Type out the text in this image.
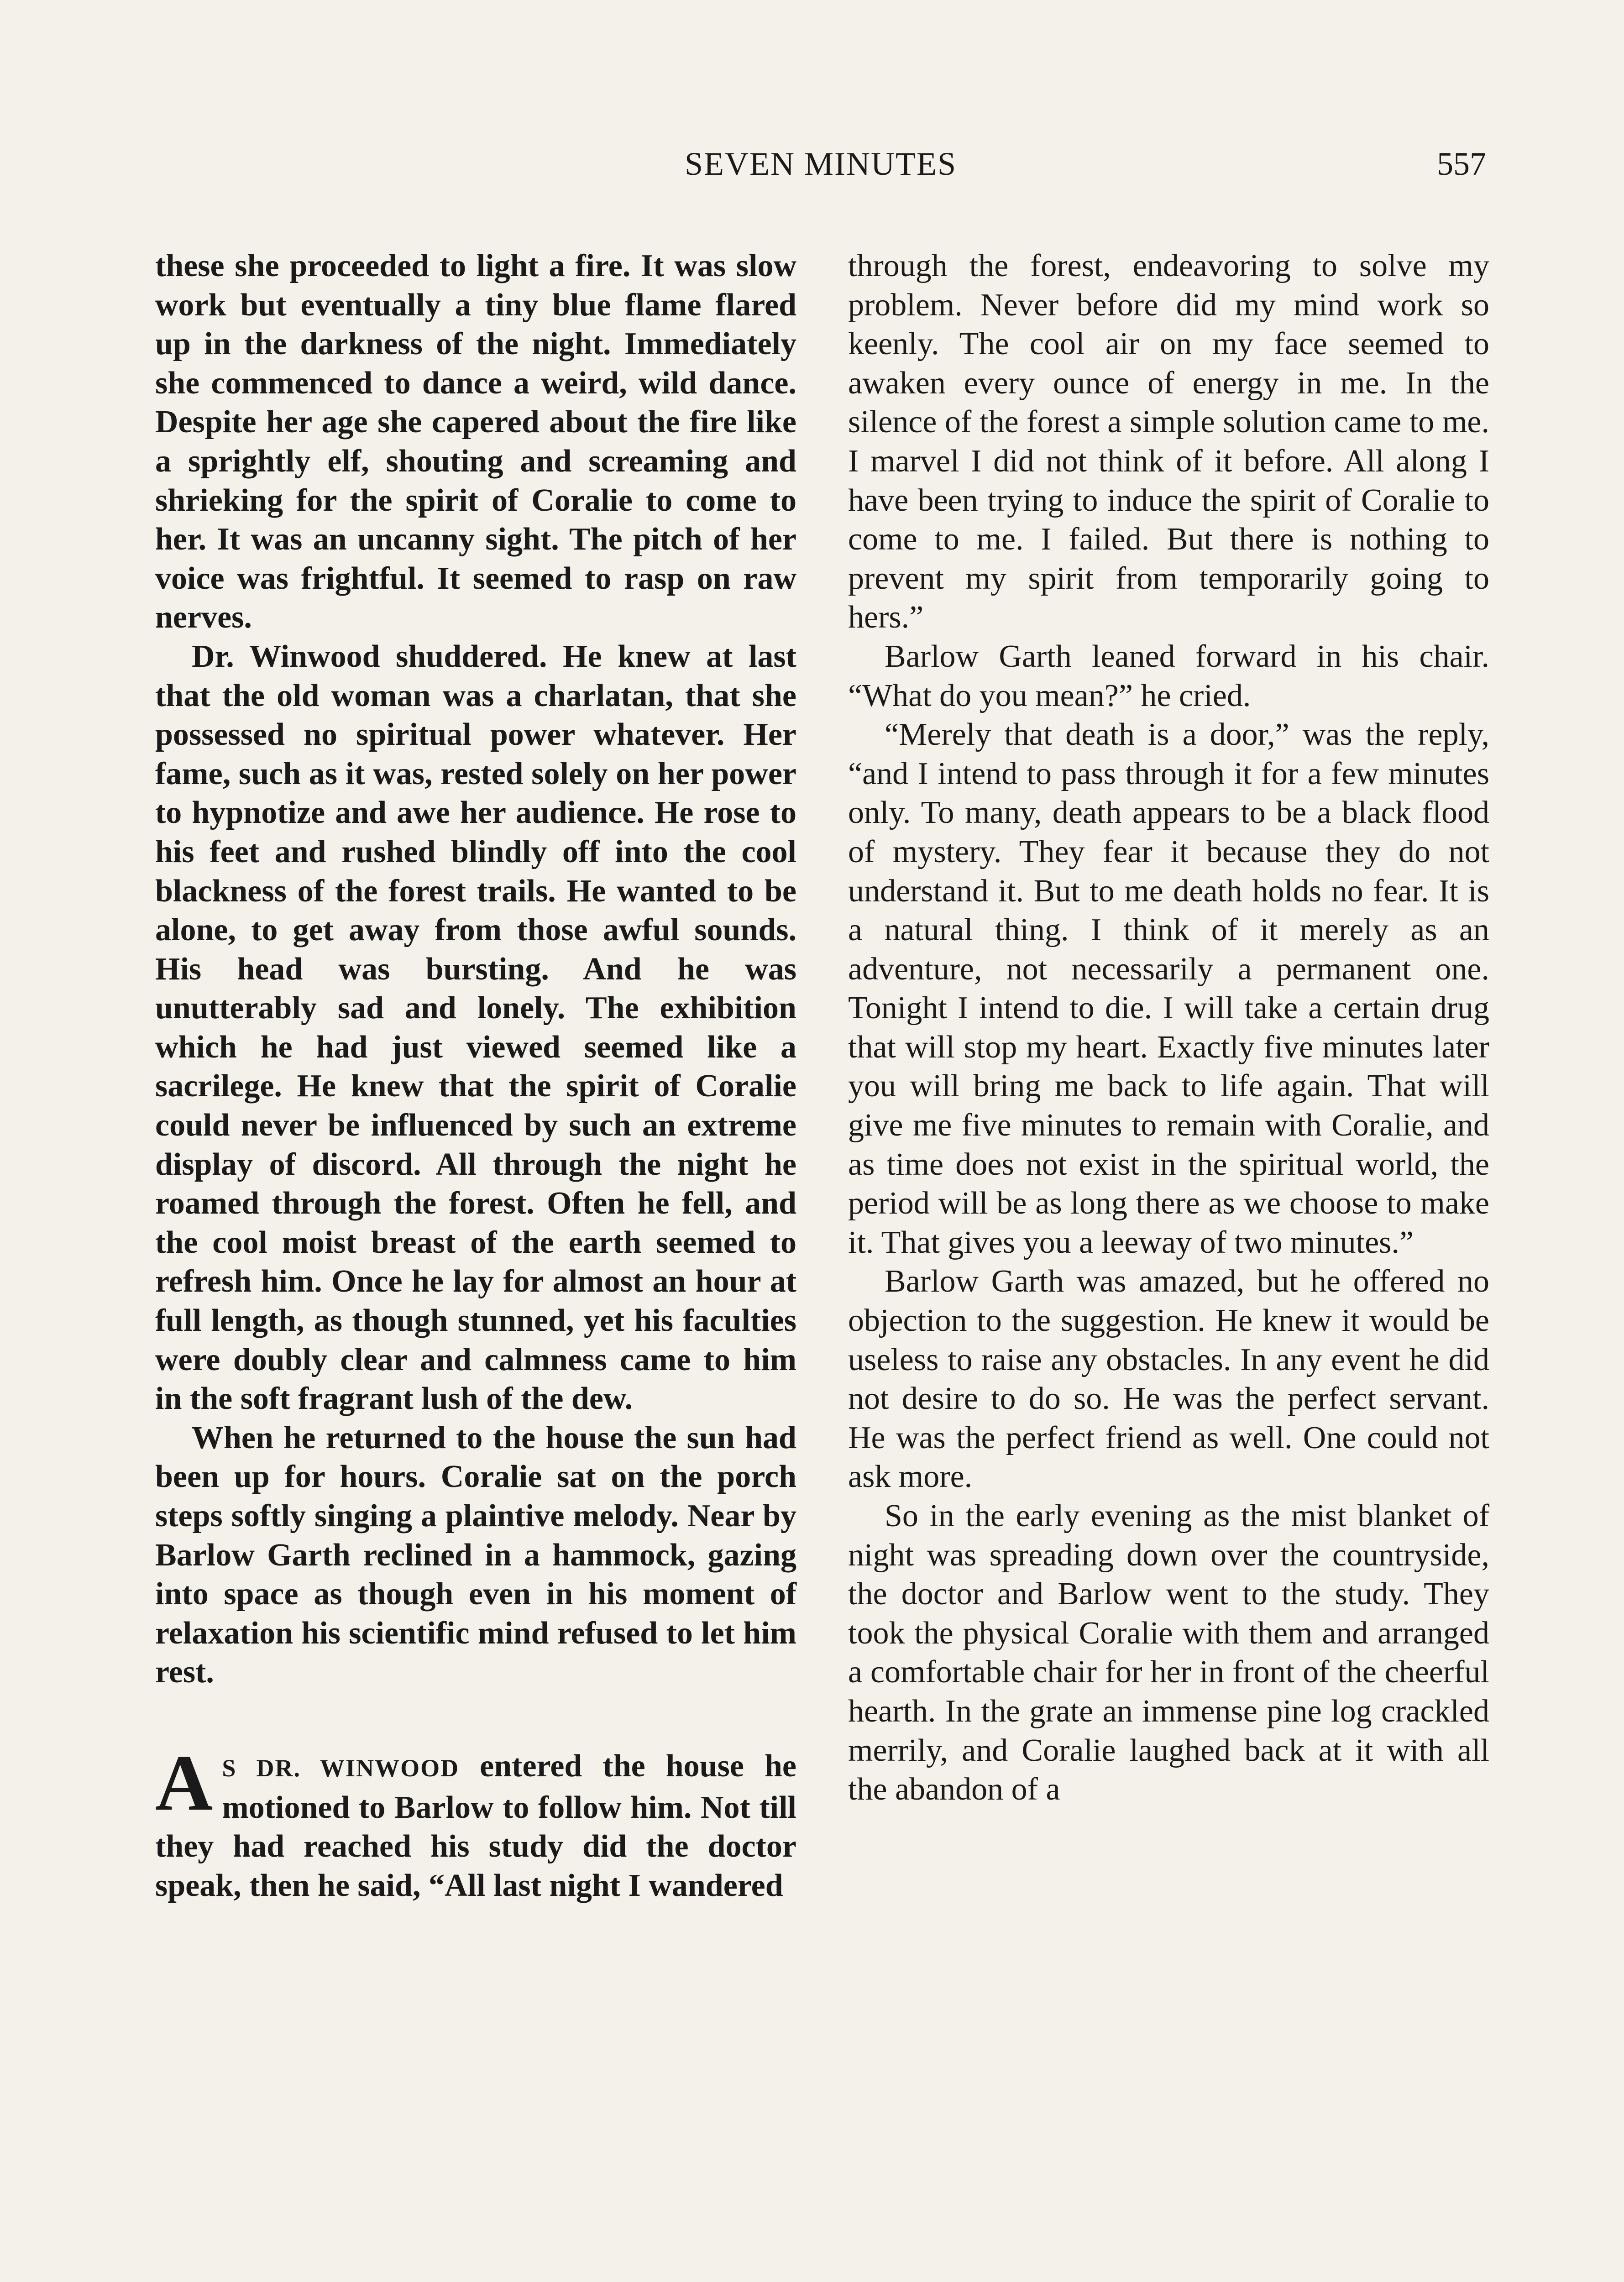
SEVEN MINUTES	557

these she proceeded to light a fire. It was slow work but eventually a tiny blue flame flared up in the darkness of the night. Immediately she commenced to dance a weird, wild dance. Despite her age she capered about the fire like a sprightly elf, shouting and screaming and shrieking for the spirit of Coralie to come to her. It was an uncanny sight. The pitch of her voice was frightful. It seemed to rasp on raw nerves.

Dr. Winwood shuddered. He knew at last that the old woman was a charlatan, that she possessed no spiritual power whatever. Her fame, such as it was, rested solely on her power to hypnotize and awe her audience. He rose to his feet and rushed blindly off into the cool blackness of the forest trails. He wanted to be alone, to get away from those awful sounds. His head was bursting. And he was unutterably sad and lonely. The exhibition which he had just viewed seemed like a sacrilege. He knew that the spirit of Coralie could never be influenced by such an extreme display of discord. All through the night he roamed through the forest. Often he fell, and the cool moist breast of the earth seemed to refresh him. Once he lay for almost an hour at full length, as though stunned, yet his faculties were doubly clear and calmness came to him in the soft fragrant lush of the dew.

When he returned to the house the sun had been up for hours. Coralie sat on the porch steps softly singing a plaintive melody. Near by Barlow Garth reclined in a hammock, gazing into space as though even in his moment of relaxation his scientific mind refused to let him rest.

A S DR. WINWOOD entered the house he motioned to Barlow to follow him. Not till they had reached his study did the doctor speak, then he said, “All last night I wandered

through the forest, endeavoring to solve my problem. Never before did my mind work so keenly. The cool air on my face seemed to awaken every ounce of energy in me. In the silence of the forest a simple solution came to me. I marvel I did not think of it before. All along I have been trying to induce the spirit of Coralie to come to me. I failed. But there is nothing to prevent my spirit from temporarily going to hers.”

Barlow Garth leaned forward in his chair. “What do you mean?” he cried.

“Merely that death is a door,” was the reply, “and I intend to pass through it for a few minutes only. To many, death appears to be a black flood of mystery. They fear it because they do not understand it. But to me death holds no fear. It is a natural thing. I think of it merely as an adventure, not necessarily a permanent one. Tonight I intend to die. I will take a certain drug that will stop my heart. Exactly five minutes later you will bring me back to life again. That will give me five minutes to remain with Coralie, and as time does not exist in the spiritual world, the period will be as long there as we choose to make it. That gives you a leeway of two minutes.”

Barlow Garth was amazed, but he offered no objection to the suggestion. He knew it would be useless to raise any obstacles. In any event he did not desire to do so. He was the perfect servant. He was the perfect friend as well. One could not ask more.

So in the early evening as the mist blanket of night was spreading down over the countryside, the doctor and Barlow went to the study. They took the physical Coralie with them and arranged a comfortable chair for her in front of the cheerful hearth. In the grate an immense pine log crackled merrily, and Coralie laughed back at it with all the abandon of a
